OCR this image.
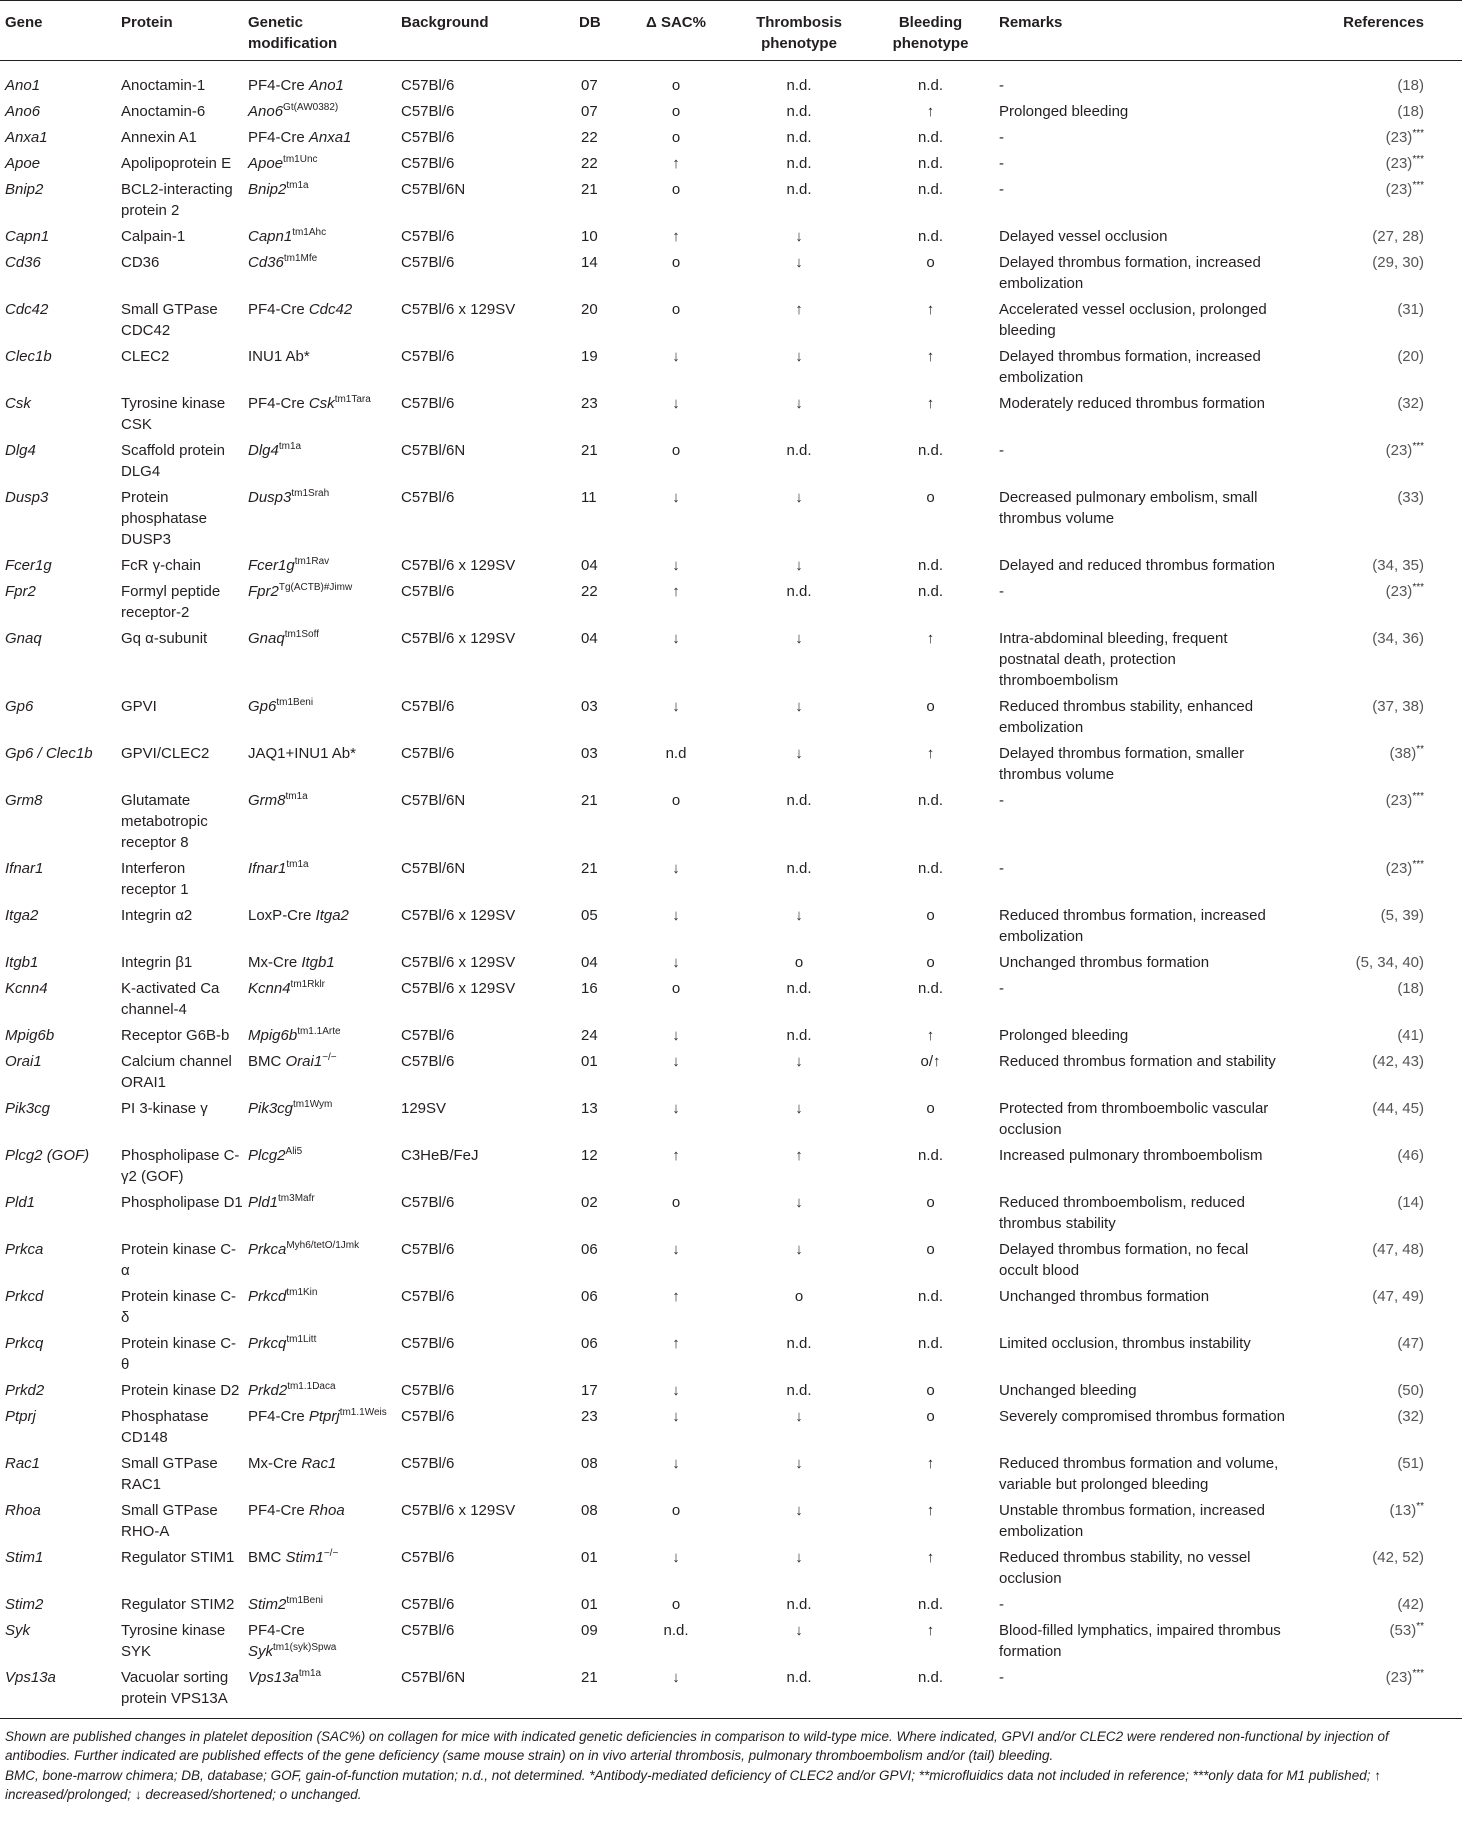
Gene	Protein	Genetic modification	Background	DB	Δ SAC%	Thrombosis phenotype	Bleeding phenotype	Remarks	References
Ano1	Anoctamin-1	PF4-Cre Ano1	C57Bl/6	07	o	n.d.	n.d.	-	(18)
Ano6	Anoctamin-6	$Ano6^{Gt(AW0382)}$	C57Bl/6	07	o	n.d.	↑	Prolonged bleeding	(18)
Anxa1	Annexin A1	PF4-Cre Anxa1	C57Bl/6	22	o	n.d.	n.d.	-	(23)***
Apoe	Apolipoprotein E	Apoe$^{tm1Unc}$	C57Bl/6	22	↑	n.d.	n.d.	-	(23)***
Bnip2	BCL2-interacting protein 2	$Bnip2^{tm1a}$	C57Bl/6N	21	o	n.d.	n.d.	-	(23)***
Capn1	Calpain-1	$Capn1^{tm1Ahc}$	C57Bl/6	10	↑	↓	n.d.	Delayed vessel occlusion	(27, 28)
Cd36	CD36	$Cd36^{tm1Mfe}$	C57Bl/6	14	o	↓	o	Delayed thrombus formation, increased embolization	(29, 30)
Cdc42	Small GTPase CDC42	PF4-Cre Cdc42	C57Bl/6 x 129SV	20	o	↑	↑	Accelerated vessel occlusion, prolonged bleeding	(31)
Clec1b	CLEC2	INU1 Ab*	C57Bl/6	19	↓	↓	↑	Delayed thrombus formation, increased embolization	(20)
Csk	Tyrosine kinase CSK	PF4-Cre Csk$^{tm1Tara}$	C57Bl/6	23	↓	↓	↑	Moderately reduced thrombus formation	(32)
Dlg4	Scaffold protein DLG4	$Dlg4^{tm1a}$	C57Bl/6N	21	o	n.d.	n.d.	-	(23)***
Dusp3	Protein phosphatase DUSP3	$Dusp3^{tm1Srah}$	C57Bl/6	11	↓	↓	o	Decreased pulmonary embolism, small thrombus volume	(33)
Fcer1g	FcR γ-chain	$Fcer1g^{tm1Rav}$	C57Bl/6 x 129SV	04	↓	↓	n.d.	Delayed and reduced thrombus formation	(34, 35)
Fpr2	Formyl peptide receptor-2	$Fpr2^{Tg(ACTB)\#Jimw}$	C57Bl/6	22	↑	n.d.	n.d.	-	(23)***
Gnaq	Gq α-subunit	Gnaq$^{tm1Soff}$	C57Bl/6 x 129SV	04	↓	↓	↑	Intra-abdominal bleeding, frequent postnatal death, protection thromboembolism	(34, 36)
Gp6	GPVI	$Gp6^{tm1Beni}$	C57Bl/6	03	↓	↓	o	Reduced thrombus stability, enhanced embolization	(37, 38)
Gp6 / Clec1b	GPVI/CLEC2	JAQ1+INU1 Ab*	C57Bl/6	03	n.d	↓	↑	Delayed thrombus formation, smaller thrombus volume	(38)**
Grm8	Glutamate metabotropic receptor 8	$Grm8^{tm1a}$	C57Bl/6N	21	o	n.d.	n.d.	-	(23)***
Ifnar1	Interferon receptor 1	$Ifnar1^{tm1a}$	C57Bl/6N	21	↓	n.d.	n.d.	-	(23)***
Itga2	Integrin α2	LoxP-Cre Itga2	C57Bl/6 x 129SV	05	↓	↓	o	Reduced thrombus formation, increased embolization	(5, 39)
Itgb1	Integrin β1	Mx-Cre Itgb1	C57Bl/6 x 129SV	04	↓	o	o	Unchanged thrombus formation	(5, 34, 40)
Kcnn4	K-activated Ca channel-4	$Kcnn4^{tm1Rklr}$	C57Bl/6 x 129SV	16	o	n.d.	n.d.	-	(18)
Mpig6b	Receptor G6B-b	$Mpig6b^{tm1.1Arte}$	C57Bl/6	24	↓	n.d.	↑	Prolonged bleeding	(41)
Orai1	Calcium channel ORAI1	BMC Orai1−/−	C57Bl/6	01	↓	↓	o/↑	Reduced thrombus formation and stability	(42, 43)
Pik3cg	PI 3-kinase γ	$Pik3cg^{tm1Wym}$	129SV	13	↓	↓	o	Protected from thromboembolic vascular occlusion	(44, 45)
Plcg2 (GOF)	Phospholipase C-γ2 (GOF)	$Plcg2^{Ali5}$	C3HeB/FeJ	12	↑	↑	n.d.	Increased pulmonary thromboembolism	(46)
Pld1	Phospholipase D1	$Pld1^{tm3Mafr}$	C57Bl/6	02	o	↓	o	Reduced thromboembolism, reduced thrombus stability	(14)
Prkca	Protein kinase C-α	Prkca$^{Myh6/tetO/1Jmk}$	C57Bl/6	06	↓	↓	o	Delayed thrombus formation, no fecal occult blood	(47, 48)
Prkcd	Protein kinase C-δ	Prkcd$^{tm1Kin}$	C57Bl/6	06	↑	o	n.d.	Unchanged thrombus formation	(47, 49)
Prkcq	Protein kinase C-θ	Prkcq$^{tm1Litt}$	C57Bl/6	06	↑	n.d.	n.d.	Limited occlusion, thrombus instability	(47)
Prkd2	Protein kinase D2	$Prkd2^{tm1.1Daca}$	C57Bl/6	17	↓	n.d.	o	Unchanged bleeding	(50)
Ptprj	Phosphatase CD148	PF4-Cre Ptprj$^{tm1.1Weis}$	C57Bl/6	23	↓	↓	o	Severely compromised thrombus formation	(32)
Rac1	Small GTPase RAC1	Mx-Cre Rac1	C57Bl/6	08	↓	↓	↑	Reduced thrombus formation and volume, variable but prolonged bleeding	(51)
Rhoa	Small GTPase RHO-A	PF4-Cre Rhoa	C57Bl/6 x 129SV	08	o	↓	↑	Unstable thrombus formation, increased embolization	(13)**
Stim1	Regulator STIM1	BMC Stim1−/−	C57Bl/6	01	↓	↓	↑	Reduced thrombus stability, no vessel occlusion	(42, 52)
Stim2	Regulator STIM2	$Stim2^{tm1Beni}$	C57Bl/6	01	o	n.d.	n.d.	-	(42)
Syk	Tyrosine kinase SYK	PF4-Cre Syk$^{tm1(syk)Spwa}$	C57Bl/6	09	n.d.	↓	↑	Blood-filled lymphatics, impaired thrombus formation	(53)**
Vps13a	Vacuolar sorting protein VPS13A	$Vps13a^{tm1a}$	C57Bl/6N	21	↓	n.d.	n.d.	-	(23)***
Shown are published changes in platelet deposition (SAC%) on collagen for mice with indicated genetic deficiencies in comparison to wild-type mice. Where indicated, GPVI and/or CLEC2 were rendered non-functional by injection of antibodies. Further indicated are published effects of the gene deficiency (same mouse strain) on in vivo arterial thrombosis, pulmonary thromboembolism and/or (tail) bleeding.
BMC, bone-marrow chimera; DB, database; GOF, gain-of-function mutation; n.d., not determined. *Antibody-mediated deficiency of CLEC2 and/or GPVI; **microfluidics data not included in reference; ***only data for M1 published; ↑ increased/prolonged; ↓ decreased/shortened; o unchanged.
